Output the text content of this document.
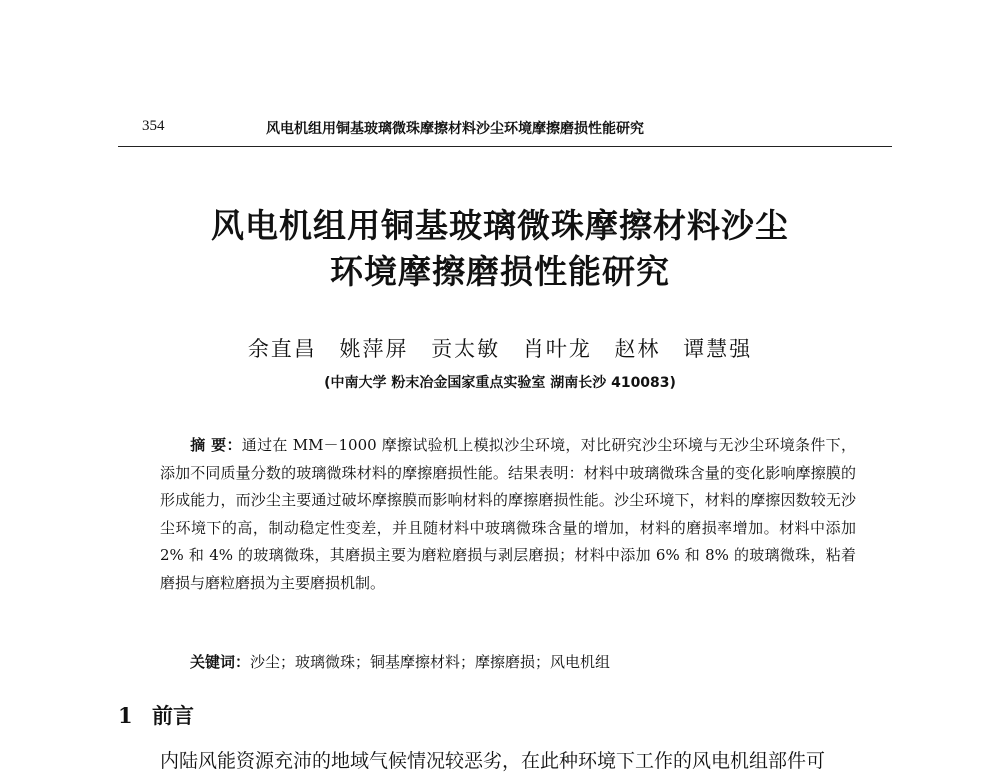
354	风电机组用铜基玻璃微珠摩擦材料沙尘环境摩擦磨损性能研究
风电机组用铜基玻璃微珠摩擦材料沙尘
环境摩擦磨损性能研究
余直昌 姚萍屏 贡太敏 肖叶龙 赵林 谭慧强
(中南大学 粉末冶金国家重点实验室 湖南长沙 410083)
摘 要：通过在 MM－1000 摩擦试验机上模拟沙尘环境，对比研究沙尘环境与无沙尘环境条件下，添加不同质量分数的玻璃微珠材料的摩擦磨损性能。结果表明：材料中玻璃微珠含量的变化影响摩擦膜的形成能力，而沙尘主要通过破坏摩擦膜而影响材料的摩擦磨损性能。沙尘环境下，材料的摩擦因数较无沙尘环境下的高，制动稳定性变差，并且随材料中玻璃微珠含量的增加，材料的磨损率增加。材料中添加 2% 和 4% 的玻璃微珠，其磨损主要为磨粒磨损与剥层磨损；材料中添加 6% 和 8% 的玻璃微珠，粘着磨损与磨粒磨损为主要磨损机制。
关键词：沙尘；玻璃微珠；铜基摩擦材料；摩擦磨损；风电机组
1 前言
内陆风能资源充沛的地域气候情况较恶劣，在此种环境下工作的风电机组部件可
